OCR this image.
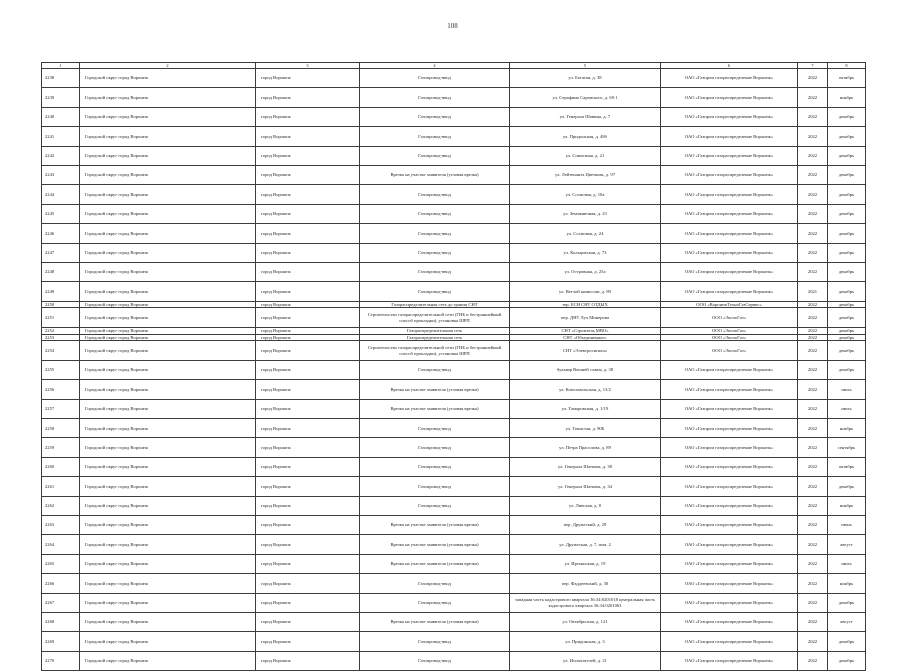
108
1	2	3	4	5	6	7	8
2238	Городской округ город Воронеж	город Воронеж	Газопровод-ввод	ул. Богатая, д. 38	ОАО «Газпром газораспределение Воронеж»	2022	октябрь
2239	Городской округ город Воронеж	город Воронеж	Газопровод-ввод	ул. Серафима Саровского, д. 69.1	ОАО «Газпром газораспределение Воронеж»	2022	ноябрь
2240	Городской округ город Воронеж	город Воронеж	Газопровод-ввод	ул. Генерала Шавина, д. 7	ОАО «Газпром газораспределение Воронеж»	2022	декабрь
2241	Городской округ город Воронеж	город Воронеж	Газопровод-ввод	ул. Придонская, д. 48б	ОАО «Газпром газораспределение Воронеж»	2022	декабрь
2242	Городской округ город Воронеж	город Воронеж	Газопровод-ввод	ул. Совхозная, д. 21	ОАО «Газпром газораспределение Воронеж»	2022	декабрь
2243	Городской округ город Воронеж	город Воронеж	Врезка на участке заявителя (угловая врезка)	ул. Лейтенанта Цветкова, д. 97	ОАО «Газпром газораспределение Воронеж»	2022	декабрь
2244	Городской округ город Воронеж	город Воронеж	Газопровод-ввод	ул. Сосновая, д. 10а	ОАО «Газпром газораспределение Воронеж»	2022	декабрь
2245	Городской округ город Воронеж	город Воронеж	Газопровод-ввод	ул. Земляничная, д. 23	ОАО «Газпром газораспределение Воронеж»	2022	декабрь
2246	Городской округ город Воронеж	город Воронеж	Газопровод-ввод	ул. Сосновая, д. 24	ОАО «Газпром газораспределение Воронеж»	2022	декабрь
2247	Городской округ город Воронеж	город Воронеж	Газопровод-ввод	ул. Кольцовская, д. 73	ОАО «Газпром газораспределение Воронеж»	2022	декабрь
2248	Городской округ город Воронеж	город Воронеж	Газопровод-ввод	ул. Островная, д. 25а	ОАО «Газпром газораспределение Воронеж»	2022	декабрь
2249	Городской округ город Воронеж	город Воронеж	Газопровод-ввод	ул. Ветлой комиссии, д. 89	ОАО «Газпром газораспределение Воронеж»	2021	декабрь
2250	Городской округ город Воронеж	город Воронеж	Газораспределительная сеть до границ СНТ	тер. ЕСН СНТ ОТДЫХ	ООО «ВоронежТехноГазСервис»	2022	декабрь
2251	Городской округ город Воронеж	город Воронеж	Строительство газораспределительной сети (ГНБ и бестраншейный способ прокладки), установка ШРП	пер. ДНТ Луч Минерова	ООО «ЭкспоГаз»	2022	декабрь
2252	Городской округ город Воронеж	город Воронеж	Газораспределительная сеть	СНТ «Строитель МВО»	ООО «ЭкспоГаз»	2022	декабрь
2253	Городской округ город Воронеж	город Воронеж	Газораспределительная сеть	СНТ «Объединенное»	ООО «ЭкспоГаз»	2022	декабрь
2254	Городской округ город Воронеж	город Воронеж	Строительство газораспределительной сети (ГНБ и бестраншейный способ прокладки), установка ШРП	СНТ «Электросигнал»	ООО «ЭкспоГаз»	2022	декабрь
2255	Городской округ город Воронеж	город Воронеж	Газопровод-ввод	бульвар Вешней славы, д. 38	ОАО «Газпром газораспределение Воронеж»	2022	декабрь
2256	Городской округ город Воронеж	город Воронеж	Врезка на участке заявителя (угловая врезка)	ул. Комсомольская, д. 13/2	ОАО «Газпром газораспределение Воронеж»	2022	июль
2257	Городской округ город Воронеж	город Воронеж	Врезка на участке заявителя (угловая врезка)	ул. Тамаровская, д. 1/19	ОАО «Газпром газораспределение Воронеж»	2022	июль
2258	Городской округ город Воронеж	город Воронеж	Газопровод-ввод	ул. Тенистая, д. 90Б	ОАО «Газпром газораспределение Воронеж»	2022	ноябрь
2259	Городской округ город Воронеж	город Воронеж	Газопровод-ввод	ул. Петра Прасолова, д. 89	ОАО «Газпром газораспределение Воронеж»	2022	сентябрь
2260	Городской округ город Воронеж	город Воронеж	Газопровод-ввод	ул. Генерала Шаткова, д. 38	ОАО «Газпром газораспределение Воронеж»	2022	октябрь
2261	Городской округ город Воронеж	город Воронеж	Газопровод-ввод	ул. Генерала Шаткова, д. 34	ОАО «Газпром газораспределение Воронеж»	2022	декабрь
2262	Городской округ город Воронеж	город Воронеж	Газопровод-ввод	ул. Ливская, д. 8	ОАО «Газпром газораспределение Воронеж»	2022	ноябрь
2263	Городской округ город Воронеж	город Воронеж	Врезка на участке заявителя (угловая врезка)	пер. Дружеский, д. 29	ОАО «Газпром газораспределение Воронеж»	2022	июнь
2264	Городской округ город Воронеж	город Воронеж	Врезка на участке заявителя (угловая врезка)	ул. Дружеская, д. 7, пом. 2	ОАО «Газпром газораспределение Воронеж»	2022	август
2265	Городской округ город Воронеж	город Воронеж	Врезка на участке заявителя (угловая врезка)	ул. Иртышская, д. 19	ОАО «Газпром газораспределение Воронеж»	2022	июль
2266	Городской округ город Воронеж	город Воронеж	Газопровод-ввод	пер. Фаддеевский, д. 30	ОАО «Газпром газораспределение Воронеж»	2022	ноябрь
2267	Городской округ город Воронеж	город Воронеж	Газопровод-ввод	западная часть кадастрового квартала 36:34:0201018 центральная часть кадастрового квартала 36:34:0201063	ОАО «Газпром газораспределение Воронеж»	2022	декабрь
2268	Городской округ город Воронеж	город Воронеж	Врезка на участке заявителя (угловая врезка)	ул. Октябрьская, д. 121	ОАО «Газпром газораспределение Воронеж»	2022	август
2269	Городской округ город Воронеж	город Воронеж	Газопровод-ввод	ул. Придонская, д. 3	ОАО «Газпром газораспределение Воронеж»	2022	декабрь
2270	Городской округ город Воронеж	город Воронеж	Газопровод-ввод	ул. Испытателей, д. 21	ОАО «Газпром газораспределение Воронеж»	2022	декабрь
